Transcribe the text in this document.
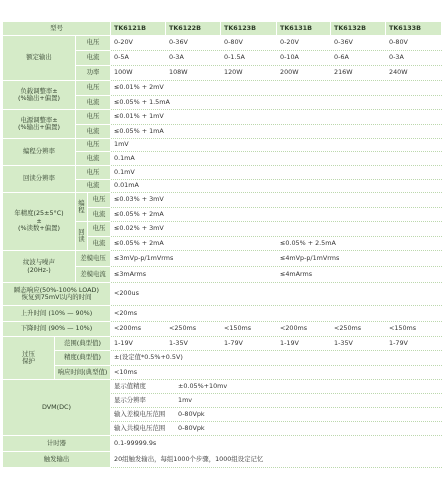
型号	TK6121B	TK6122B	TK6123B	TK6131B	TK6132B	TK6133B
额定输出
电压	0-20V	0-36V	0-80V	0-20V	0-36V	0-80V
电流	0-5A	0-3A	0-1.5A	0-10A	0-6A	0-3A
功率	100W	108W	120W	200W	216W	240W
负载调整率±
(%输出+偏置)
电压	≤0.01% + 2mV
电流	≤0.05% + 1.5mA
电源调整率±
(%输出+偏置)
电压	≤0.01% + 1mV
电流	≤0.05% + 1mA
编程分辨率
电压	1mV
电流	0.1mA
回读分辨率
电压	0.1mV
电流	0.01mA
年精度(25±5°C)
±
(%读数+偏置)
编
程
电压	≤0.03% + 3mV
电流	≤0.05% + 2mA
回
读
电压	≤0.02% + 3mV
电流	≤0.05% + 2mA	≤0.05% + 2.5mA
纹波与噪声
(20Hz-)
差模电压	≤3mVp-p/1mVrms	≤4mVp-p/1mVrms
差模电流	≤3mArms	≤4mArms
瞬态响应(50%-100% LOAD)
恢复到75mV以内的时间	<200us
上升时间 (10% — 90%)	<20ms
下降时间 (90% — 10%)	<200ms	<250ms	<150ms	<200ms	<250ms	<150ms
过压
保护
范围(典型值)	1-19V	1-35V	1-79V	1-19V	1-35V	1-79V
精度(典型值)	±(设定值*0.5%+0.5V)
响应时间(典型值)	<10ms
DVM(DC)
显示值精度	±0.05%+10mv
显示分辨率	1mv
输入差模电压范围	0-80Vpk
输入共模电压范围	0-80Vpk
计时器	0.1-99999.9s
触发输出	20组触发输出，每组1000个步骤，1000组设定记忆
